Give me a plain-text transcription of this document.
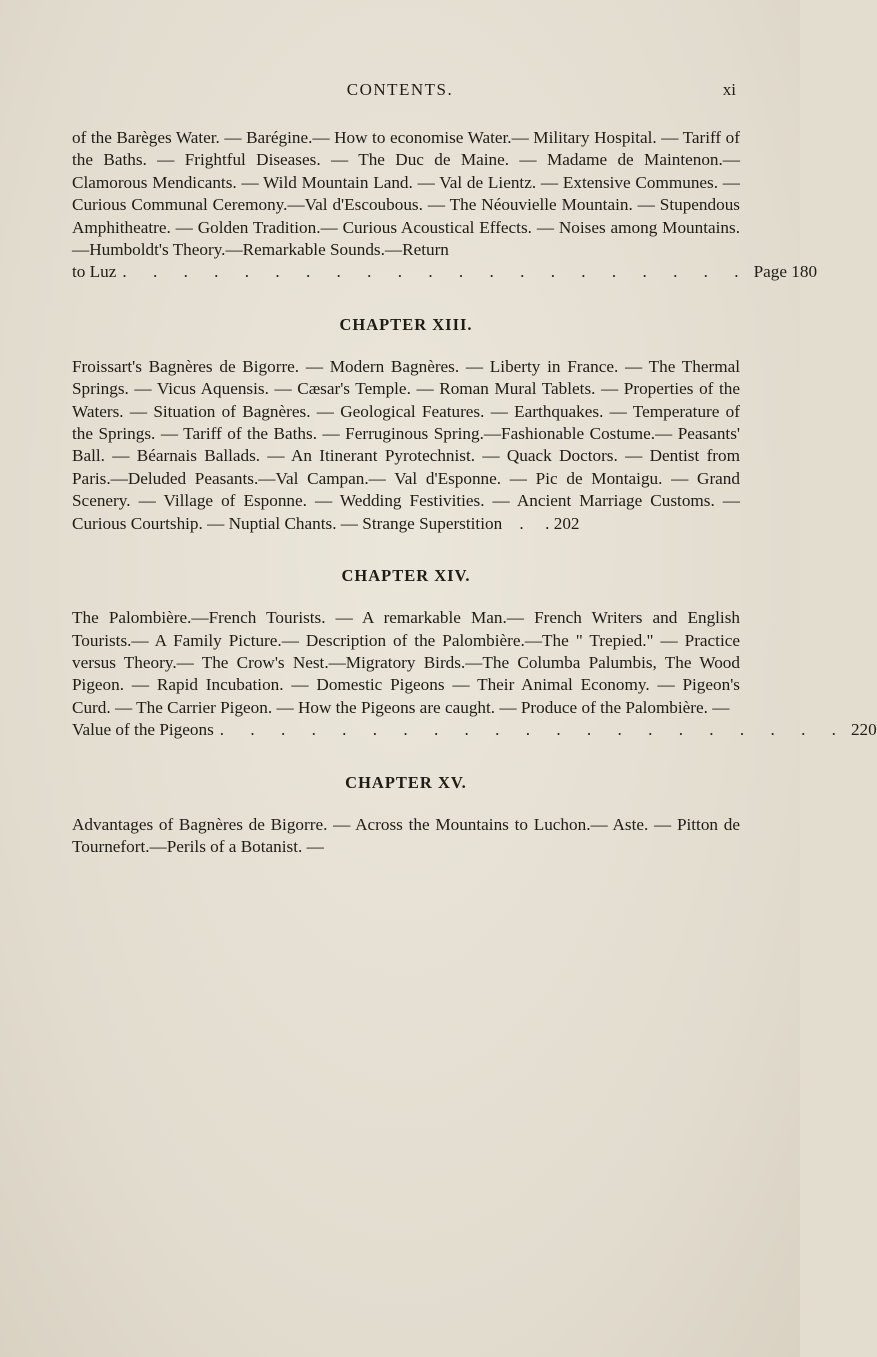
CONTENTS.	xi

of the Barèges Water. — Barégine.— How to economise Water.— Military Hospital. — Tariff of the Baths. — Frightful Diseases. — The Duc de Maine. — Madame de Maintenon.— Clamorous Mendicants. — Wild Mountain Land. — Val de Lientz. — Extensive Communes. — Curious Communal Ceremony.—Val d'Escoubous. — The Néouvielle Mountain. — Stupendous Amphitheatre. — Golden Tradition.— Curious Acoustical Effects. — Noises among Mountains.—Humboldt's Theory.—Remarkable Sounds.—Return

to Luz . . . . . . . . . . . . . . . . . . . . . Page 180
CHAPTER XIII.

Froissart's Bagnères de Bigorre. — Modern Bagnères. — Liberty in France. — The Thermal Springs. — Vicus Aquensis. — Cæsar's Temple. — Roman Mural Tablets. — Properties of the Waters. — Situation of Bagnères. — Geological Features. — Earthquakes. — Temperature of the Springs. — Tariff of the Baths. — Ferruginous Spring.—Fashionable Costume.— Peasants' Ball. — Béarnais Ballads. — An Itinerant Pyrotechnist. — Quack Doctors. — Dentist from Paris.—Deluded Peasants.—Val Campan.— Val d'Esponne. — Pic de Montaigu. — Grand Scenery. — Village of Esponne. — Wedding Festivities. — Ancient Marriage Customs. — Curious Courtship. — Nuptial Chants. — Strange Superstition    .     . 202

CHAPTER XIV.

The Palombière.—French Tourists. — A remarkable Man.— French Writers and English Tourists.— A Family Picture.— Description of the Palombière.—The " Trepied." — Practice versus Theory.— The Crow's Nest.—Migratory Birds.—The Columba Palumbis, The Wood Pigeon. — Rapid Incubation. — Domestic Pigeons — Their Animal Economy. — Pigeon's Curd. — The Carrier Pigeon. — How the Pigeons are caught. — Produce of the Palombière. —

Value of the Pigeons . . . . . . . . . . . . . . . . . . . . . 220
CHAPTER XV.

Advantages of Bagnères de Bigorre. — Across the Mountains to Luchon.— Aste. — Pitton de Tournefort.—Perils of a Botanist. —
